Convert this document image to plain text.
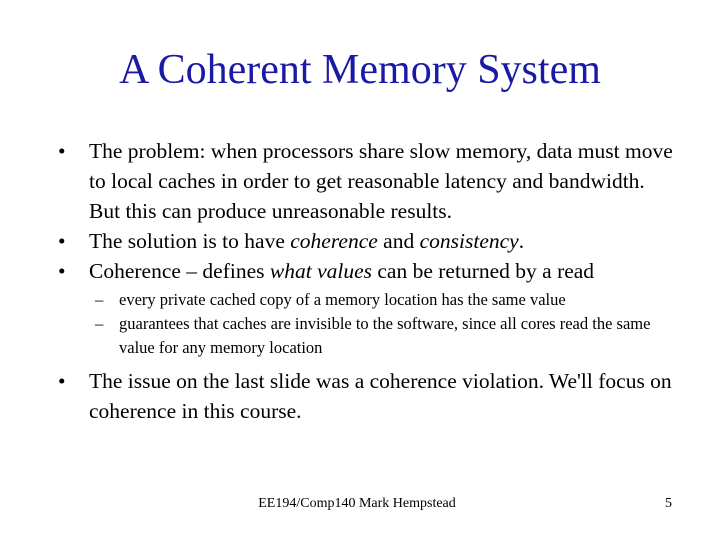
A Coherent Memory System
• The problem: when processors share slow memory, data must move to local caches in order to get reasonable latency and bandwidth. But this can produce unreasonable results.
• The solution is to have coherence and consistency.
• Coherence – defines what values can be returned by a read
– every private cached copy of a memory location has the same value
– guarantees that caches are invisible to the software, since all cores read the same value for any memory location
• The issue on the last slide was a coherence violation. We'll focus on coherence in this course.
EE194/Comp140 Mark Hempstead	5
